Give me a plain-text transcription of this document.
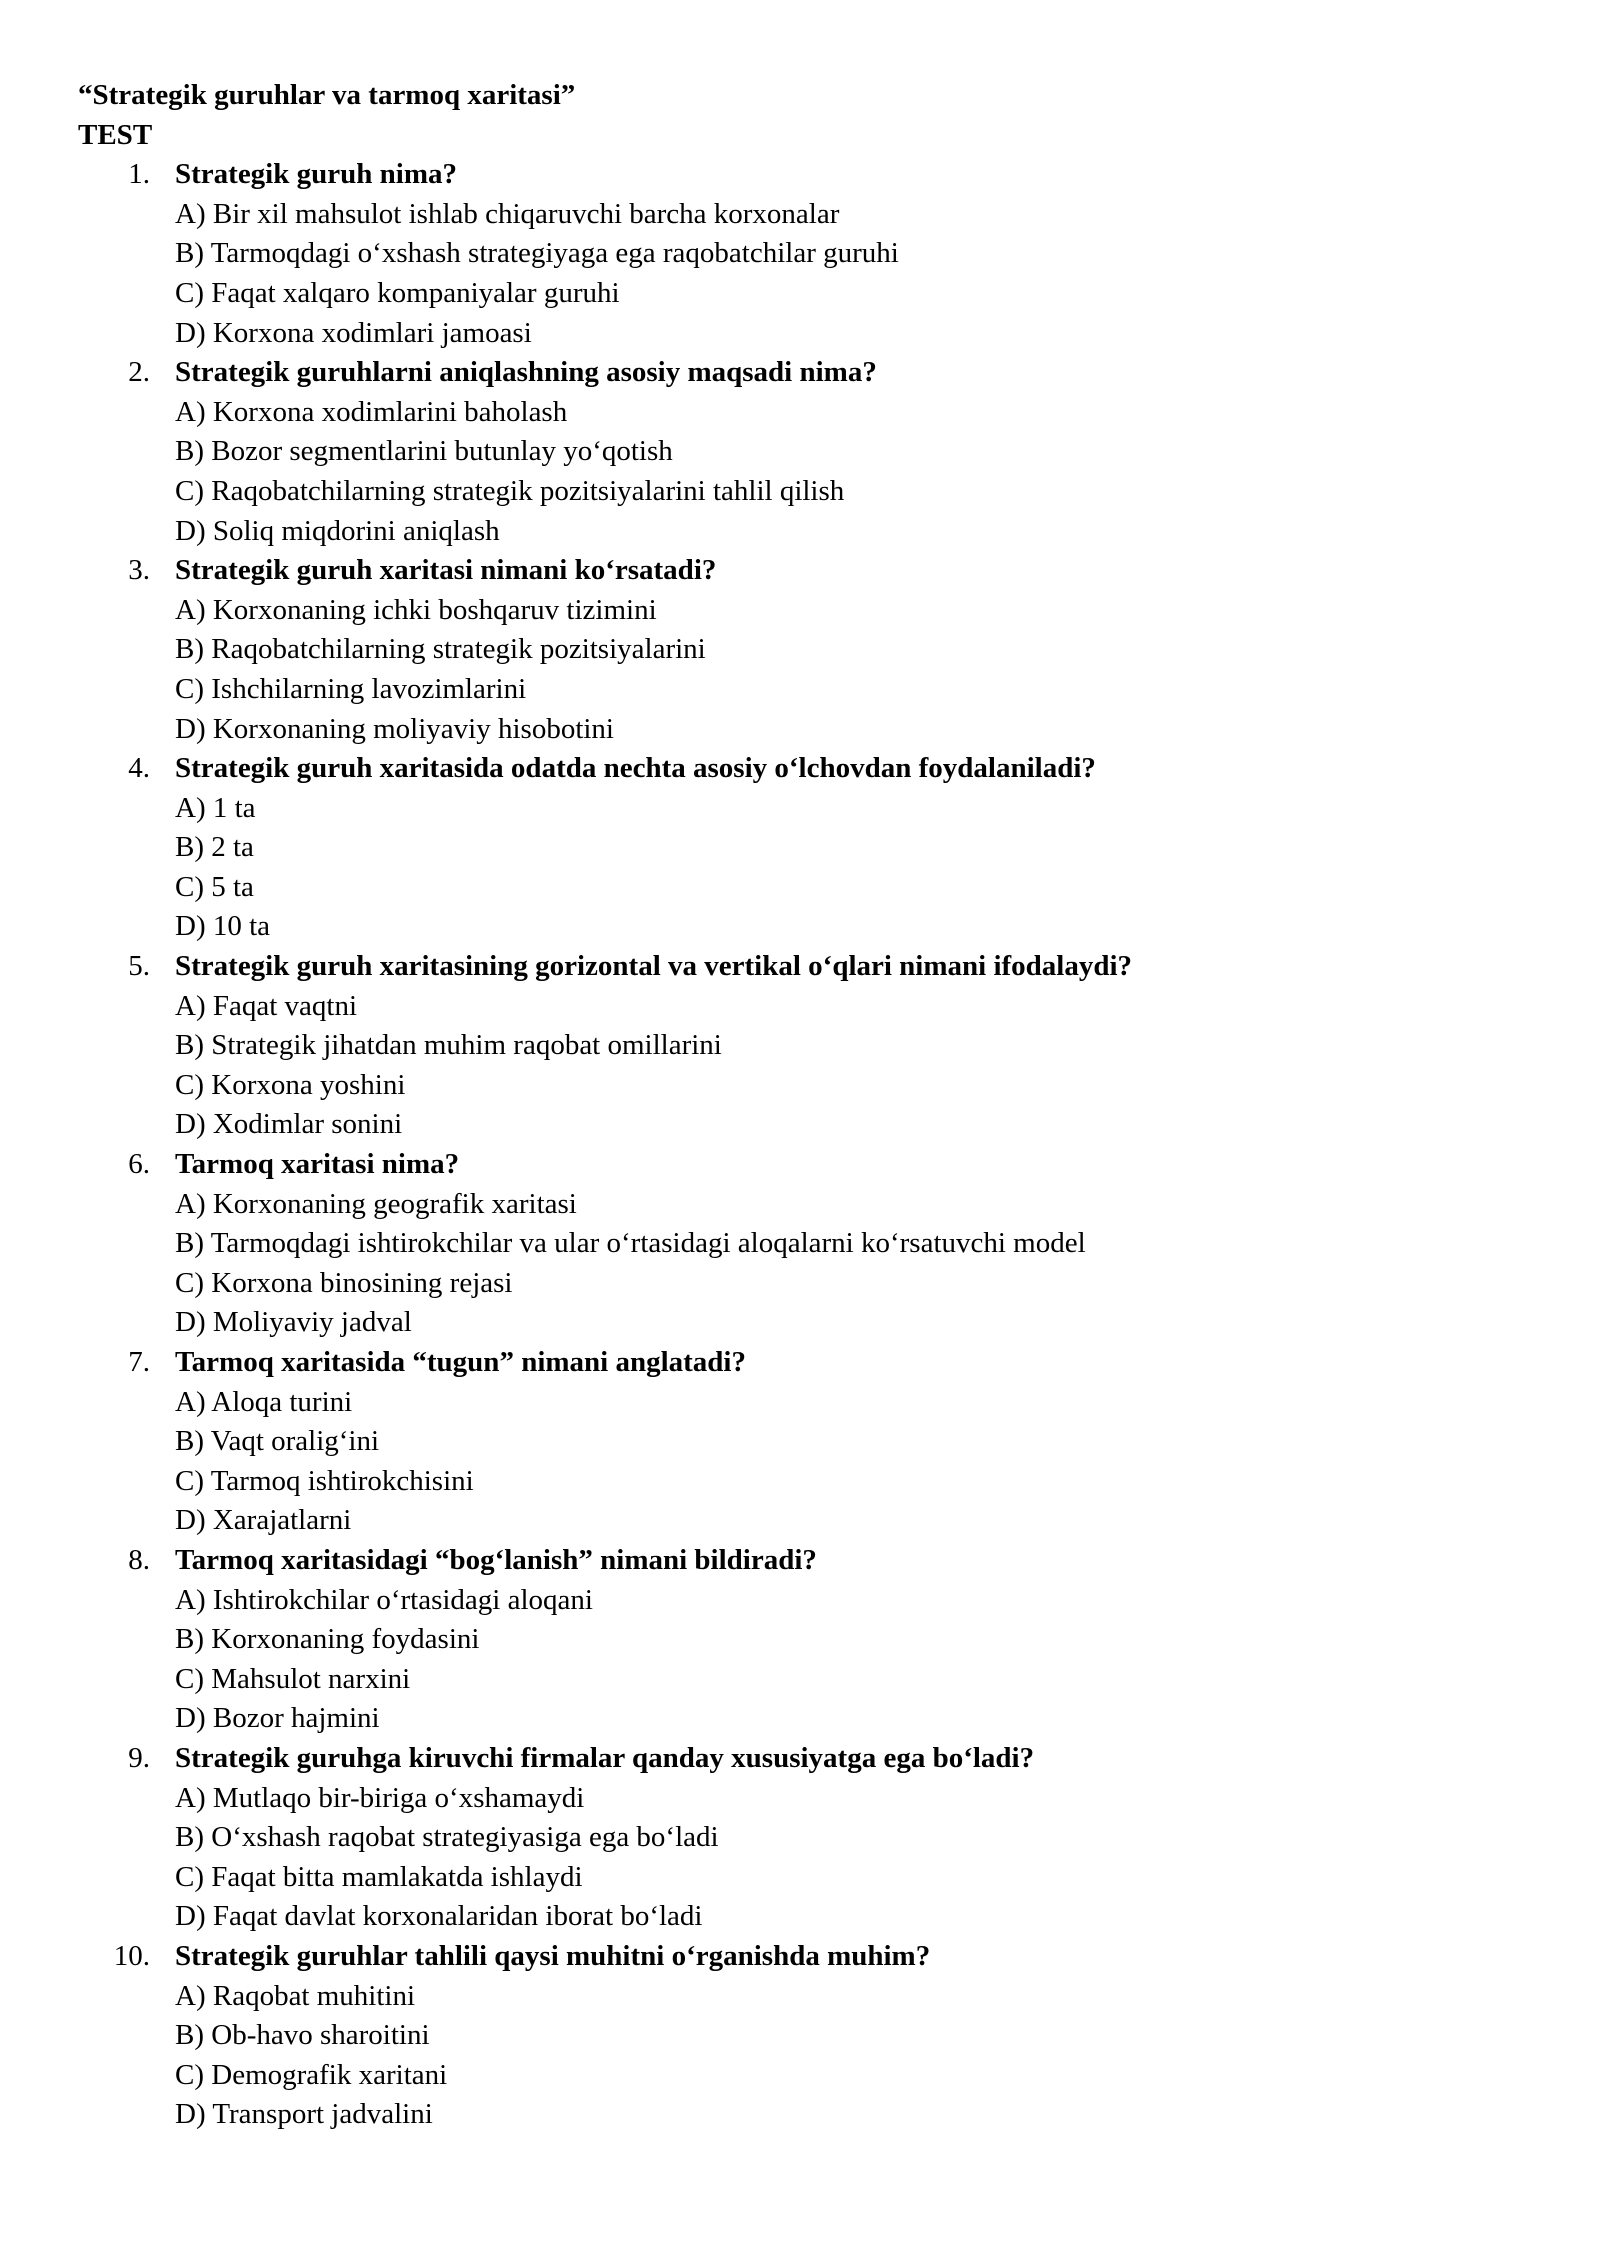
“Strategik guruhlar va tarmoq xaritasi”
TEST
1. Strategik guruh nima?
A) Bir xil mahsulot ishlab chiqaruvchi barcha korxonalar
B) Tarmoqdagi o‘xshash strategiyaga ega raqobatchilar guruhi
C) Faqat xalqaro kompaniyalar guruhi
D) Korxona xodimlari jamoasi
2. Strategik guruhlarni aniqlashning asosiy maqsadi nima?
A) Korxona xodimlarini baholash
B) Bozor segmentlarini butunlay yo‘qotish
C) Raqobatchilarning strategik pozitsiyalarini tahlil qilish
D) Soliq miqdorini aniqlash
3. Strategik guruh xaritasi nimani ko‘rsatadi?
A) Korxonaning ichki boshqaruv tizimini
B) Raqobatchilarning strategik pozitsiyalarini
C) Ishchilarning lavozimlarini
D) Korxonaning moliyaviy hisobotini
4. Strategik guruh xaritasida odatda nechta asosiy o‘lchovdan foydalaniladi?
A) 1 ta
B) 2 ta
C) 5 ta
D) 10 ta
5. Strategik guruh xaritasining gorizontal va vertikal o‘qlari nimani ifodalaydi?
A) Faqat vaqtni
B) Strategik jihatdan muhim raqobat omillarini
C) Korxona yoshini
D) Xodimlar sonini
6. Tarmoq xaritasi nima?
A) Korxonaning geografik xaritasi
B) Tarmoqdagi ishtirokchilar va ular o‘rtasidagi aloqalarni ko‘rsatuvchi model
C) Korxona binosining rejasi
D) Moliyaviy jadval
7. Tarmoq xaritasida “tugun” nimani anglatadi?
A) Aloqa turini
B) Vaqt oralig‘ini
C) Tarmoq ishtirokchisini
D) Xarajatlarni
8. Tarmoq xaritasidagi “bog‘lanish” nimani bildiradi?
A) Ishtirokchilar o‘rtasidagi aloqani
B) Korxonaning foydasini
C) Mahsulot narxini
D) Bozor hajmini
9. Strategik guruhga kiruvchi firmalar qanday xususiyatga ega bo‘ladi?
A) Mutlaqo bir-biriga o‘xshamaydi
B) O‘xshash raqobat strategiyasiga ega bo‘ladi
C) Faqat bitta mamlakatda ishlaydi
D) Faqat davlat korxonalaridan iborat bo‘ladi
10. Strategik guruhlar tahlili qaysi muhitni o‘rganishda muhim?
A) Raqobat muhitini
B) Ob-havo sharoitini
C) Demografik xaritani
D) Transport jadvalini
